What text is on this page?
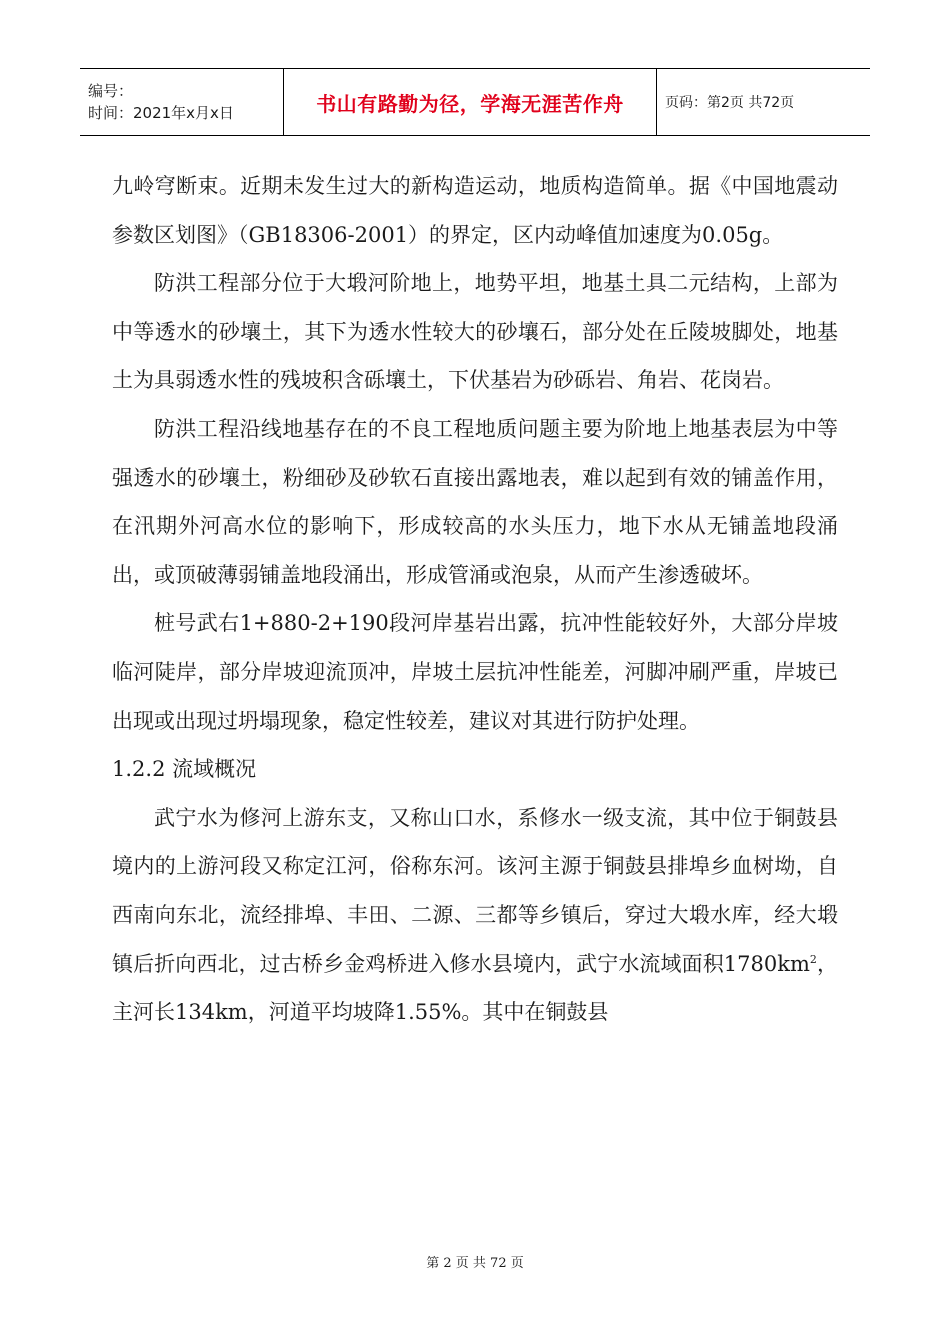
编号：
时间：2021年x月x日	书山有路勤为径，学海无涯苦作舟	页码：第2页 共72页

九岭穹断束。近期未发生过大的新构造运动，地质构造简单。据《中国地震动参数区划图》（GB18306-2001）的界定，区内动峰值加速度为0.05g。

防洪工程部分位于大塅河阶地上，地势平坦，地基土具二元结构，上部为中等透水的砂壤土，其下为透水性较大的砂壤石，部分处在丘陵坡脚处，地基土为具弱透水性的残坡积含砾壤土，下伏基岩为砂砾岩、角岩、花岗岩。

防洪工程沿线地基存在的不良工程地质问题主要为阶地上地基表层为中等强透水的砂壤土，粉细砂及砂软石直接出露地表，难以起到有效的铺盖作用，在汛期外河高水位的影响下，形成较高的水头压力，地下水从无铺盖地段涌出，或顶破薄弱铺盖地段涌出，形成管涌或泡泉，从而产生渗透破坏。

桩号武右1+880-2+190段河岸基岩出露，抗冲性能较好外，大部分岸坡临河陡岸，部分岸坡迎流顶冲，岸坡土层抗冲性能差，河脚冲刷严重，岸坡已出现或出现过坍塌现象，稳定性较差，建议对其进行防护处理。

1.2.2 流域概况

武宁水为修河上游东支，又称山口水，系修水一级支流，其中位于铜鼓县境内的上游河段又称定江河，俗称东河。该河主源于铜鼓县排埠乡血树坳，自西南向东北，流经排埠、丰田、二源、三都等乡镇后，穿过大塅水库，经大塅镇后折向西北，过古桥乡金鸡桥进入修水县境内，武宁水流域面积$1780km^2$，主河长134km，河道平均坡降1.55%。其中在铜鼓县

第 2 页 共 72 页
